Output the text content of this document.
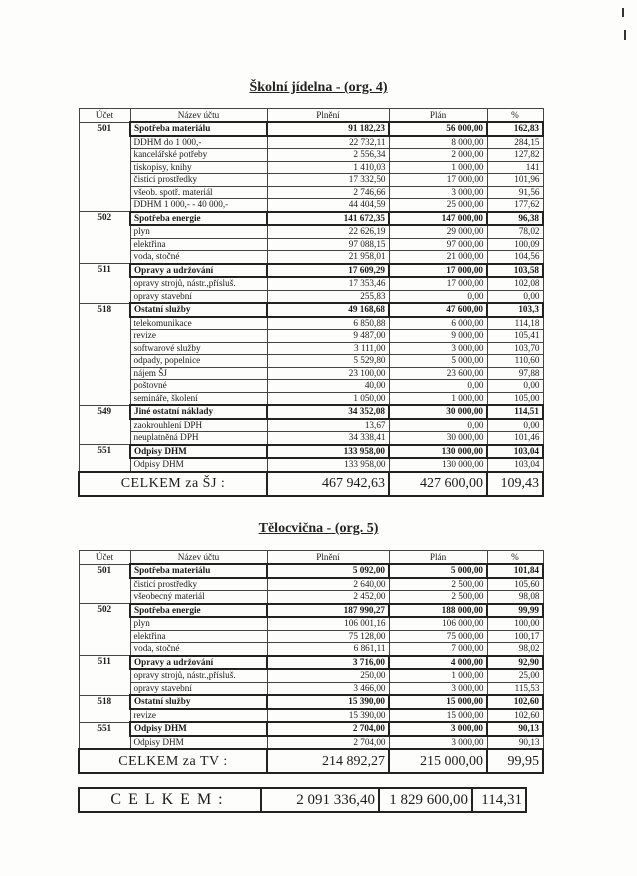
Školní jídelna - (org. 4)
Účet	Název účtu	Plnění	Plán	%
501	Spotřeba materiálu	91 182,23	56 000,00	162,83
	DDHM do 1 000,-	22 732,11	8 000,00	284,15
	kancelářské potřeby	2 556,34	2 000,00	127,82
	tiskopisy, knihy	1 410,03	1 000,00	141
	čisticí prostředky	17 332,50	17 000,00	101,96
	všeob. spotř. materiál	2 746,66	3 000,00	91,56
	DDHM 1 000,- - 40 000,-	44 404,59	25 000,00	177,62
502	Spotřeba energie	141 672,35	147 000,00	96,38
	plyn	22 626,19	29 000,00	78,02
	elektřina	97 088,15	97 000,00	100,09
	voda, stočné	21 958,01	21 000,00	104,56
511	Opravy a udržování	17 609,29	17 000,00	103,58
	opravy strojů, nástr.,přísluš.	17 353,46	17 000,00	102,08
	opravy stavební	255,83	0,00	0,00
518	Ostatní služby	49 168,68	47 600,00	103,3
	telekomunikace	6 850,88	6 000,00	114,18
	revize	9 487,00	9 000,00	105,41
	softwarové služby	3 111,00	3 000,00	103,70
	odpady, popelnice	5 529,80	5 000,00	110,60
	nájem ŠJ	23 100,00	23 600,00	97,88
	poštovné	40,00	0,00	0,00
	semináře, školení	1 050,00	1 000,00	105,00
549	Jiné ostatní náklady	34 352,08	30 000,00	114,51
	zaokrouhlení DPH	13,67	0,00	0,00
	neuplatněná DPH	34 338,41	30 000,00	101,46
551	Odpisy DHM	133 958,00	130 000,00	103,04
	Odpisy DHM	133 958,00	130 000,00	103,04
CELKEM za ŠJ :		467 942,63	427 600,00	109,43
Tělocvična - (org. 5)
Účet	Název účtu	Plnění	Plán	%
501	Spotřeba materiálu	5 092,00	5 000,00	101,84
	čisticí prostředky	2 640,00	2 500,00	105,60
	všeobecný materiál	2 452,00	2 500,00	98,08
502	Spotřeba energie	187 990,27	188 000,00	99,99
	plyn	106 001,16	106 000,00	100,00
	elektřina	75 128,00	75 000,00	100,17
	voda, stočné	6 861,11	7 000,00	98,02
511	Opravy a udržování	3 716,00	4 000,00	92,90
	opravy strojů, nástr.,přísluš.	250,00	1 000,00	25,00
	opravy stavební	3 466,00	3 000,00	115,53
518	Ostatní služby	15 390,00	15 000,00	102,60
	revize	15 390,00	15 000,00	102,60
551	Odpisy DHM	2 704,00	3 000,00	90,13
	Odpisy DHM	2 704,00	3 000,00	90,13
CELKEM za TV :		214 892,27	215 000,00	99,95
CELKEM:	2 091 336,40	1 829 600,00	114,31
